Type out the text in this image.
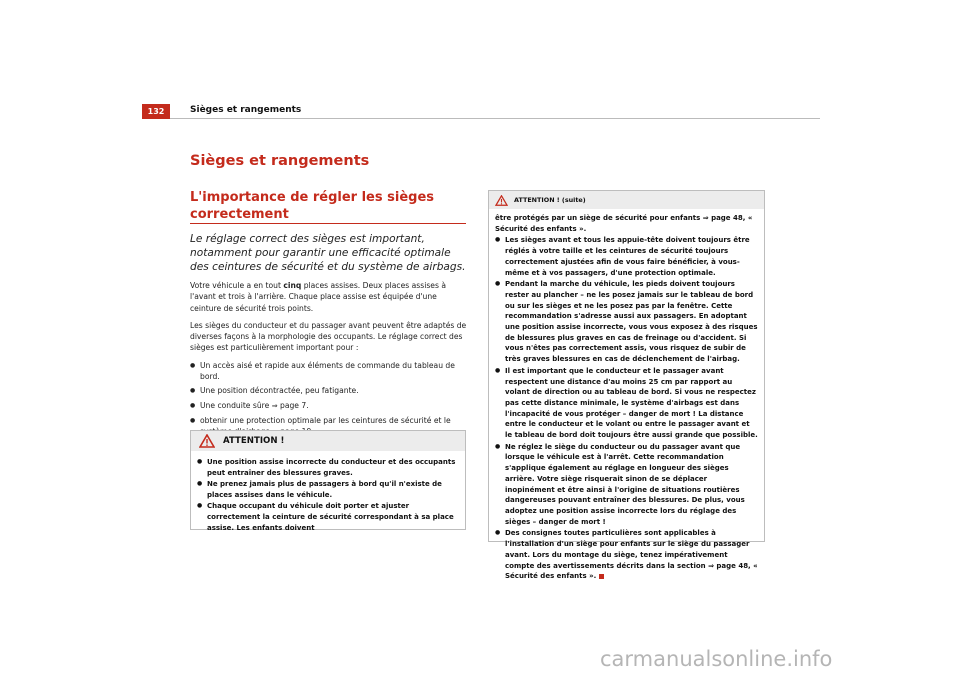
132	Sièges et rangements
Sièges et rangements
L'importance de régler les sièges correctement
Le réglage correct des sièges est important, notamment pour garantir une efficacité optimale des ceintures de sécurité et du système de airbags.

Votre véhicule a en tout cinq places assises. Deux places assises à l'avant et trois à l'arrière. Chaque place assise est équipée d'une ceinture de sécurité trois points.

Les sièges du conducteur et du passager avant peuvent être adaptés de diverses façons à la morphologie des occupants. Le réglage correct des sièges est particulièrement important pour :

● Un accès aisé et rapide aux éléments de commande du tableau de bord.
● Une position décontractée, peu fatigante.
● Une conduite sûre ⇒ page 7.
● obtenir une protection optimale par les ceintures de sécurité et le
ATTENTION !
● Une position assise incorrecte du conducteur et des occupants peut entraîner des blessures graves.
● Ne prenez jamais plus de passagers à bord qu'il n'existe de places assises dans le véhicule.
● Chaque occupant du véhicule doit porter et ajuster correctement la ceinture de sécurité correspondant à sa place assise. Les enfants doivent
ATTENTION ! (suite)

être protégés par un siège de sécurité pour enfants ⇒ page 48, « Sécurité des enfants ».

● Les sièges avant et tous les appuie-tête doivent toujours être réglés à votre taille et les ceintures de sécurité toujours correctement ajustées afin de vous faire bénéficier, à vous-même et à vos passagers, d'une protection optimale.
● Pendant la marche du véhicule, les pieds doivent toujours rester au plancher – ne les posez jamais sur le tableau de bord ou sur les sièges et ne les posez pas par la fenêtre. Cette recommandation s'adresse aussi aux passagers. En adoptant une position assise incorrecte, vous vous exposez à des risques de blessures plus graves en cas de freinage ou d'accident. Si vous n'êtes pas correctement assis, vous risquez de subir de très graves blessures en cas de déclenchement de l'airbag.
● Il est important que le conducteur et le passager avant respectent une distance d'au moins 25 cm par rapport au volant de direction ou au tableau de bord. Si vous ne respectez pas cette distance minimale, le système d'airbags est dans l'incapacité de vous protéger – danger de mort ! La distance entre le conducteur et le volant ou entre le passager avant et le tableau de bord doit toujours être aussi grande que possible.
● Ne réglez le siège du conducteur ou du passager avant que lorsque le véhicule est à l'arrêt. Cette recommandation s'applique également au réglage en longueur des sièges arrière. Votre siège risquerait sinon de se déplacer inopinément et être ainsi à l'origine de situations routières dangereuses pouvant entraîner des blessures. De plus, vous adoptez une position assise incorrecte lors du réglage des sièges – danger de mort !
● Des consignes toutes particulières sont applicables à l'installation d'un siège pour enfants sur le siège du passager avant. Lors du montage du siège, tenez impérativement compte des avertissements décrits dans la section ⇒ page 48, « Sécurité des enfants ».
carmanualsonline.info
